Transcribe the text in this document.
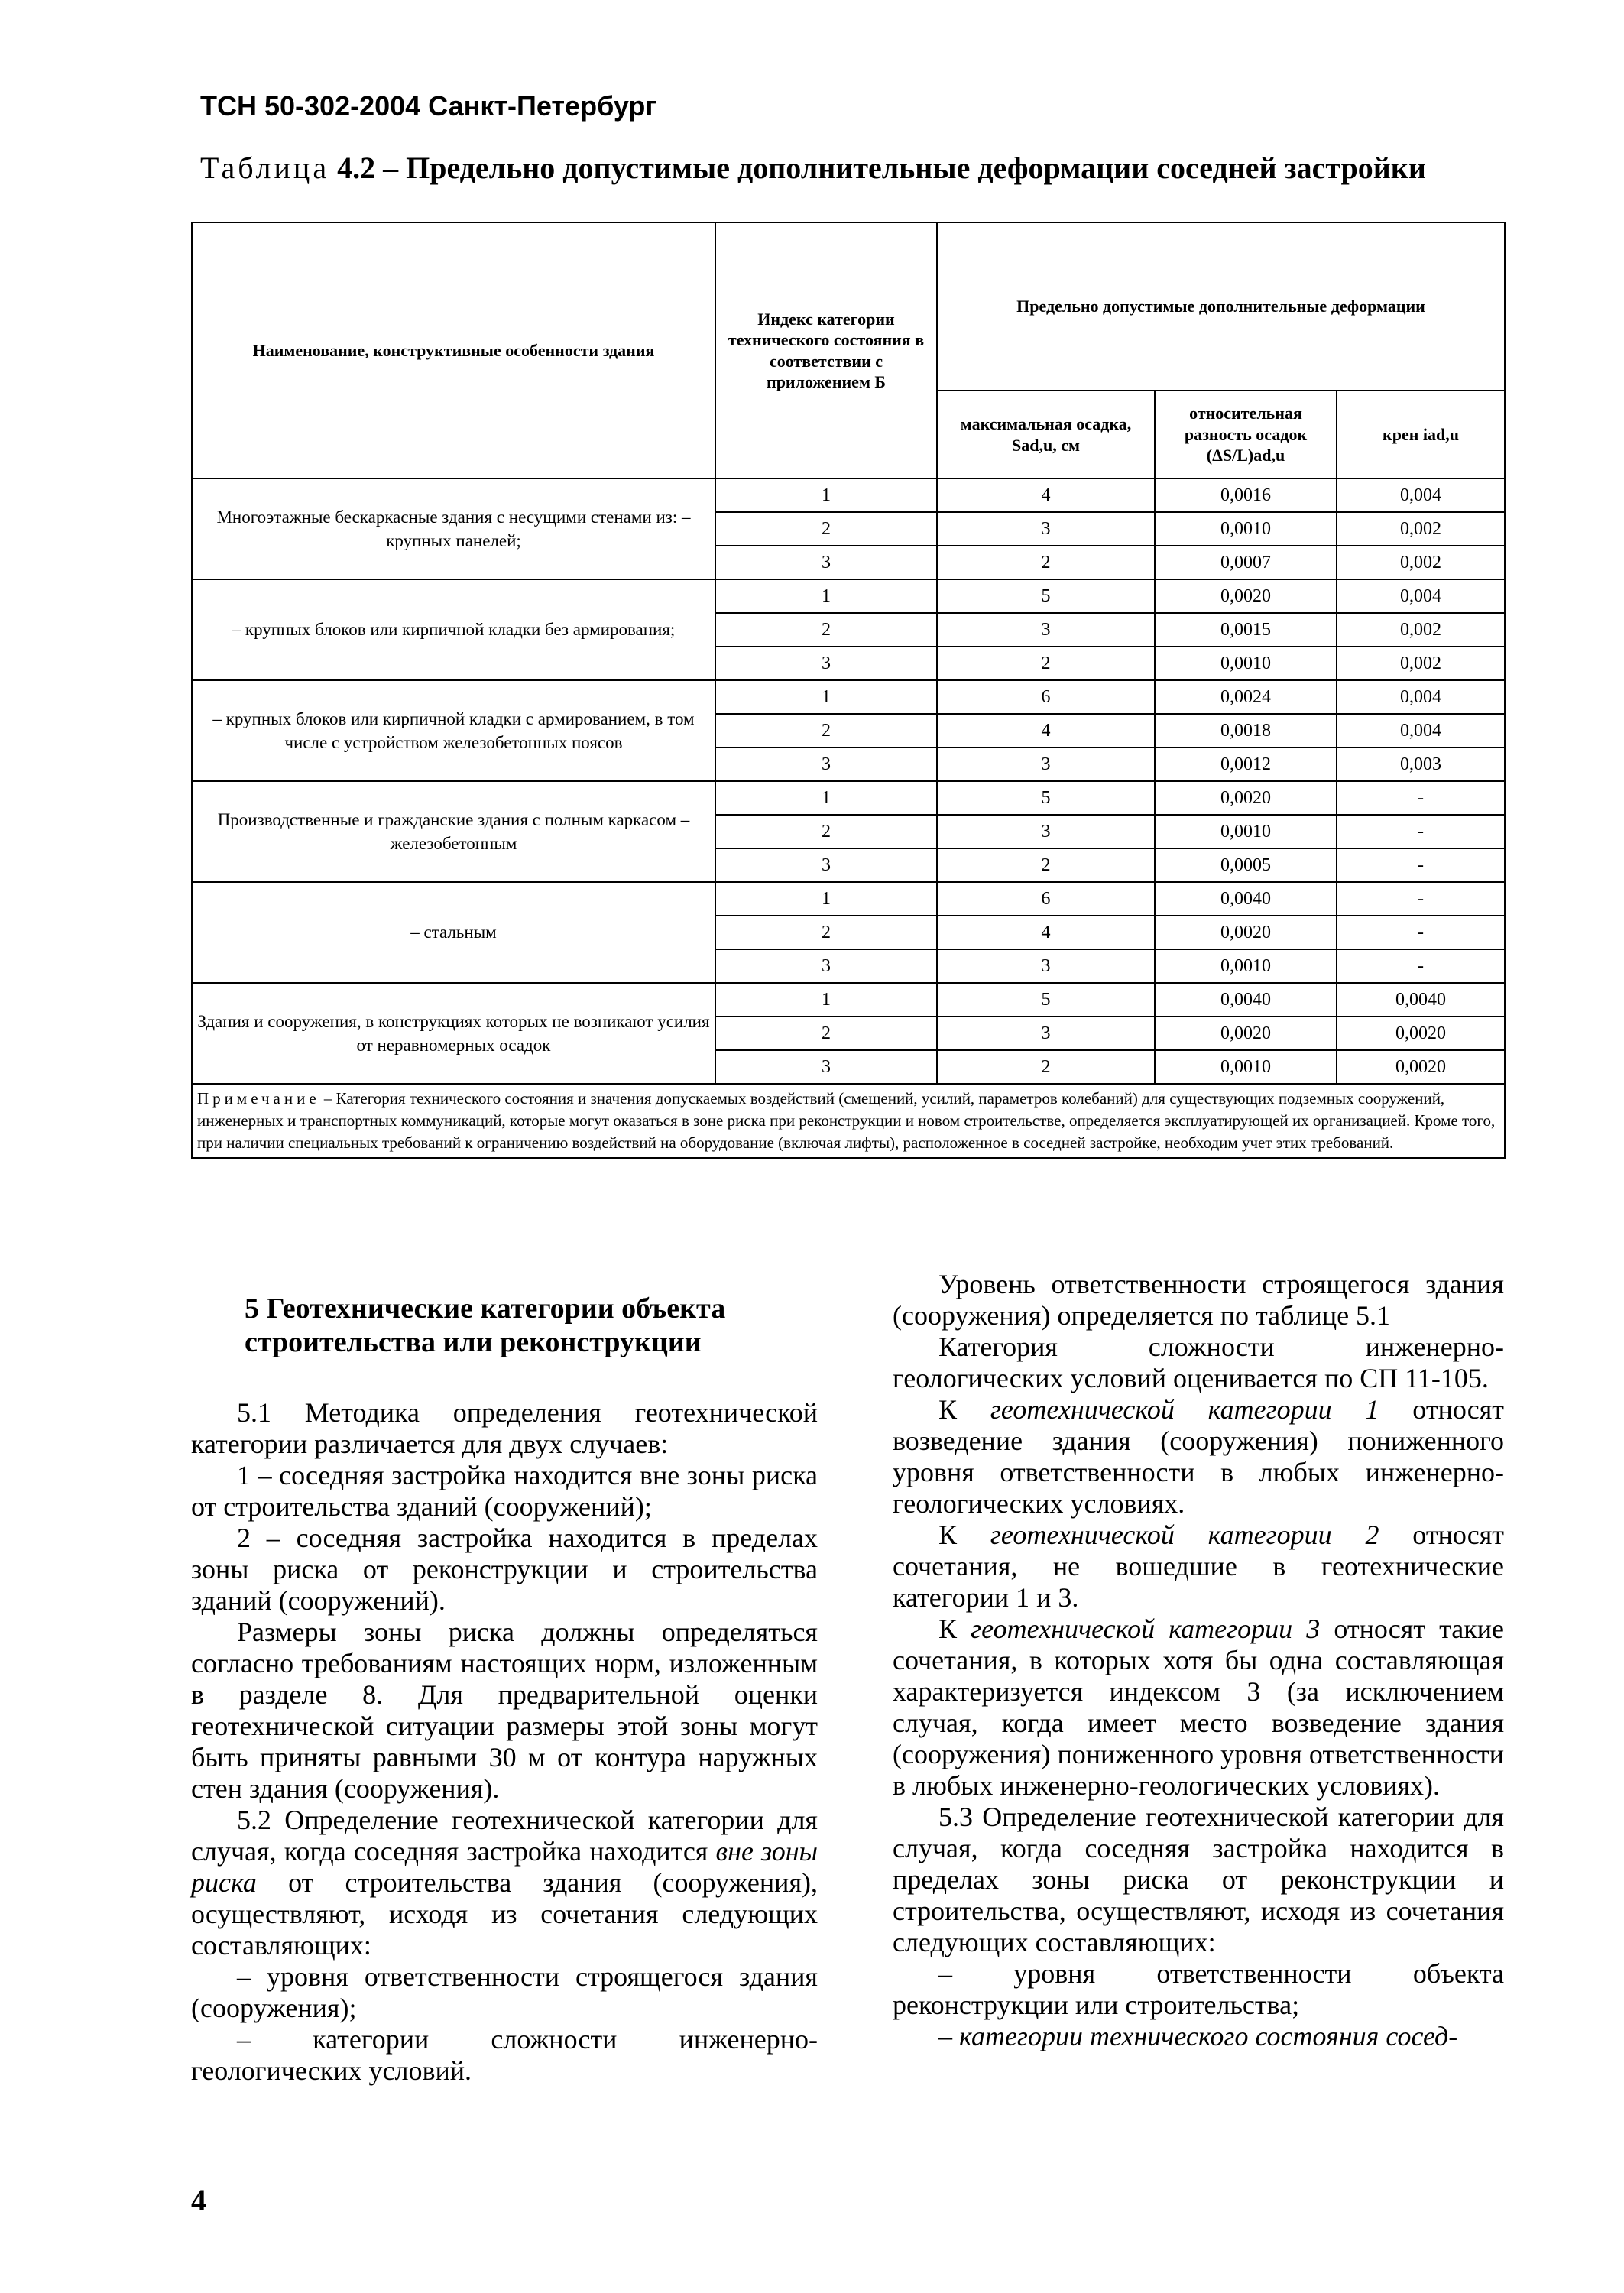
ТСН 50-302-2004 Санкт-Петербург
Таблица 4.2 – Предельно допустимые дополнительные деформации соседней застройки
Наименование, конструктивные особенности здания	Индекс категории технического состояния в соответствии с приложением Б	Предельно допустимые дополнительные деформации		
		максимальная осадка, Sad,u, см	относительная разность осадок (ΔS/L)ad,u	крен iad,u
Многоэтажные бескаркасные здания с несущими стенами из: – крупных панелей;	1	4	0,0016	0,004
	2	3	0,0010	0,002
	3	2	0,0007	0,002
– крупных блоков или кирпичной кладки без армирования;	1	5	0,0020	0,004
	2	3	0,0015	0,002
	3	2	0,0010	0,002
– крупных блоков или кирпичной кладки с армированием, в том числе с устройством железобетонных поясов	1	6	0,0024	0,004
	2	4	0,0018	0,004
	3	3	0,0012	0,003
Производственные и гражданские здания с полным каркасом – железобетонным	1	5	0,0020	-
	2	3	0,0010	-
	3	2	0,0005	-
– стальным	1	6	0,0040	-
	2	4	0,0020	-
	3	3	0,0010	-
Здания и сооружения, в конструкциях которых не возникают усилия от неравномерных осадок	1	5	0,0040	0,0040
	2	3	0,0020	0,0020
	3	2	0,0010	0,0020
Примечание – Категория технического состояния и значения допускаемых воздействий (смещений, усилий, параметров колебаний) для существующих подземных сооружений, инженерных и транспортных коммуникаций, которые могут оказаться в зоне риска при реконструкции и новом строительстве, определяется эксплуатирующей их организацией. Кроме того, при наличии специальных требований к ограничению воздействий на оборудование (включая лифты), расположенное в соседней застройке, необходим учет этих требований.				

5 Геотехнические категории объекта строительства или реконструкции

5.1 Методика определения геотехнической категории различается для двух случаев:

1 – соседняя застройка находится вне зоны риска от строительства зданий (сооружений);

2 – соседняя застройка находится в пределах зоны риска от реконструкции и строительства зданий (сооружений).

Размеры зоны риска должны определяться согласно требованиям настоящих норм, изложенным в разделе 8. Для предварительной оценки геотехнической ситуации размеры этой зоны могут быть приняты равными 30 м от контура наружных стен здания (сооружения).

5.2 Определение геотехнической категории для случая, когда соседняя застройка находится вне зоны риска от строительства здания (сооружения), осуществляют, исходя из сочетания следующих составляющих:

– уровня ответственности строящегося здания (сооружения);

– категории сложности инженерно-геологических условий.

Уровень ответственности строящегося здания (сооружения) определяется по таблице 5.1

Категория сложности инженерно-геологических условий оценивается по СП 11-105.

К геотехнической категории 1 относят возведение здания (сооружения) пониженного уровня ответственности в любых инженерно-геологических условиях.

К геотехнической категории 2 относят сочетания, не вошедшие в геотехнические категории 1 и 3.

К геотехнической категории 3 относят такие сочетания, в которых хотя бы одна составляющая характеризуется индексом 3 (за исключением случая, когда имеет место возведение здания (сооружения) пониженного уровня ответственности в любых инженерно-геологических условиях).

5.3 Определение геотехнической категории для случая, когда соседняя застройка находится в пределах зоны риска от реконструкции и строительства, осуществляют, исходя из сочетания следующих составляющих:

– уровня ответственности объекта реконструкции или строительства;

– категории технического состояния сосед-

4
